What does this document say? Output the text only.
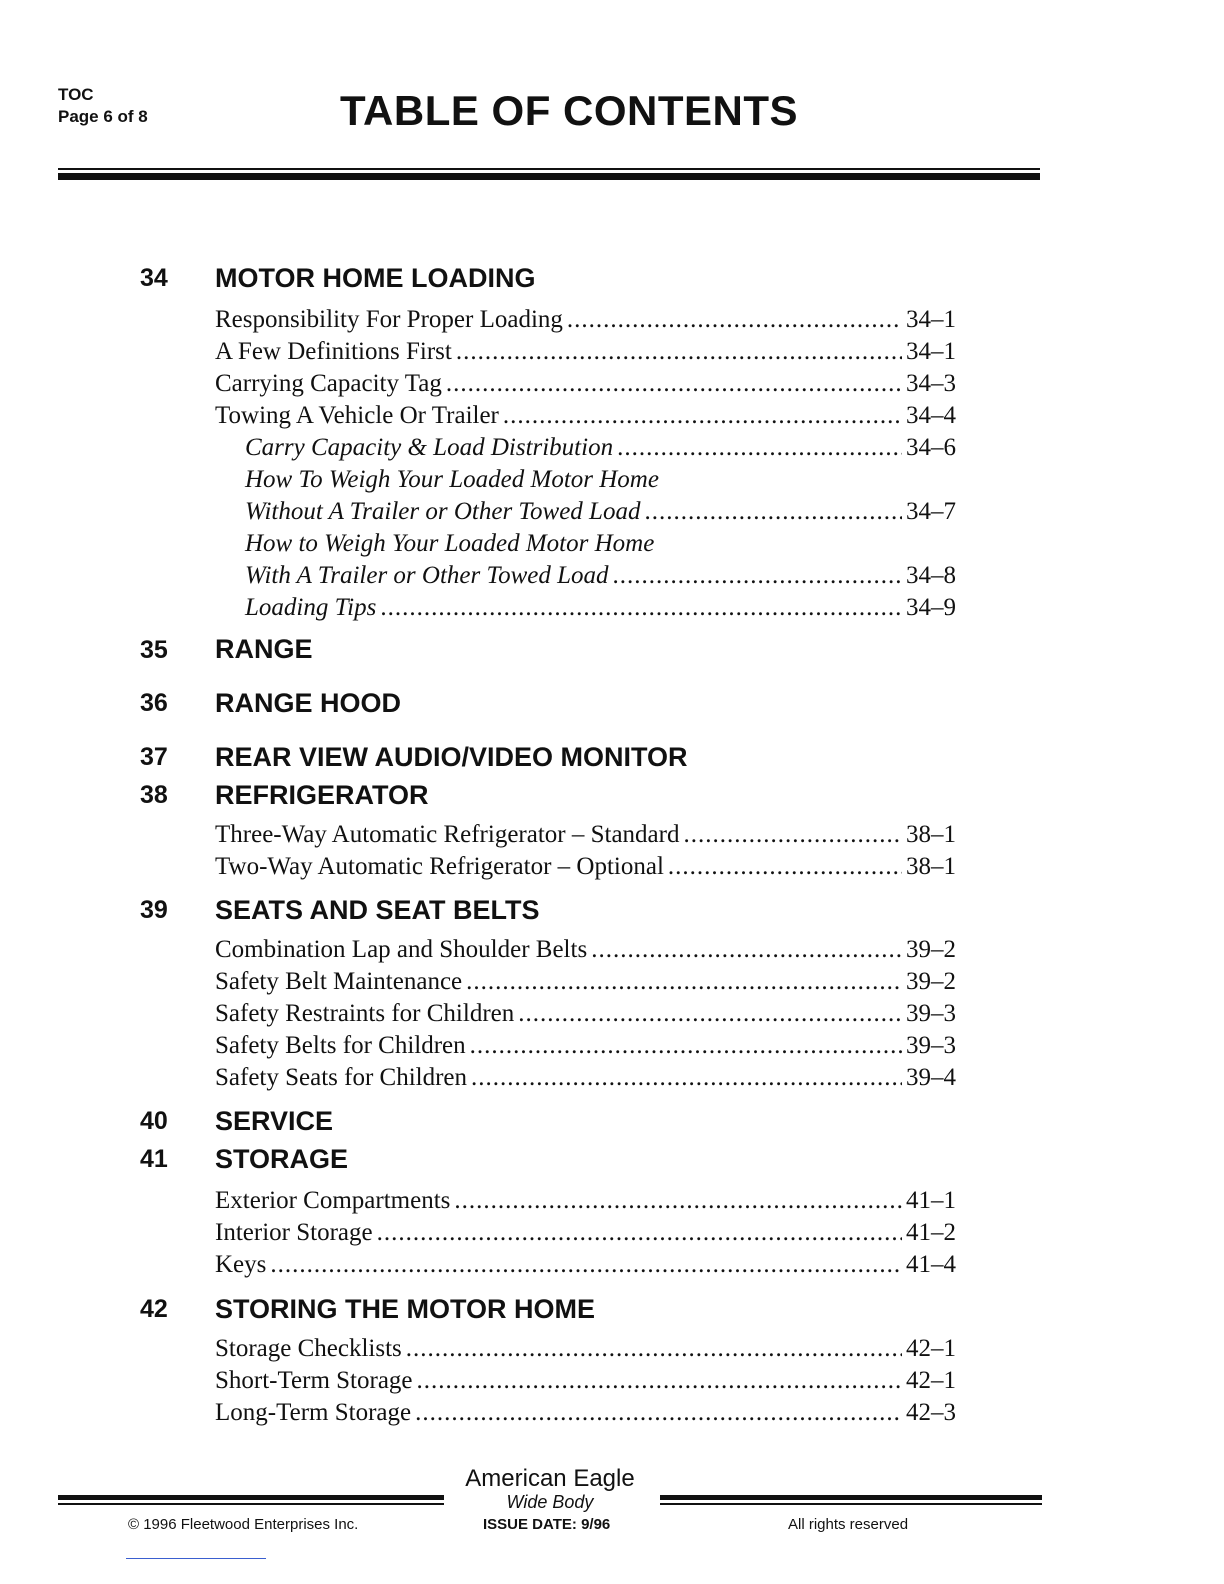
TOC
Page 6 of 8	TABLE OF CONTENTS
34	MOTOR HOME LOADING
Responsibility For Proper Loading .....	34–1
A Few Definitions First .....	34–1
Carrying Capacity Tag .....	34–3
Towing A Vehicle Or Trailer .....	34–4
Carry Capacity & Load Distribution .....	34–6
How To Weigh Your Loaded Motor Home
Without A Trailer or Other Towed Load .....	34–7
How to Weigh Your Loaded Motor Home
With A Trailer or Other Towed Load .....	34–8
Loading Tips .....	34–9
35	RANGE
36	RANGE HOOD
37	REAR VIEW AUDIO/VIDEO MONITOR
38	REFRIGERATOR
Three-Way Automatic Refrigerator – Standard .....	38–1
Two-Way Automatic Refrigerator – Optional .....	38–1
39	SEATS AND SEAT BELTS
Combination Lap and Shoulder Belts .....	39–2
Safety Belt Maintenance .....	39–2
Safety Restraints for Children .....	39–3
Safety Belts for Children .....	39–3
Safety Seats for Children .....	39–4
40	SERVICE
41	STORAGE
Exterior Compartments .....	41–1
Interior Storage .....	41–2
Keys .....	41–4
42	STORING THE MOTOR HOME
Storage Checklists .....	42–1
Short-Term Storage .....	42–1
Long-Term Storage .....	42–3
American Eagle
Wide Body
© 1996 Fleetwood Enterprises Inc.	ISSUE DATE: 9/96	All rights reserved
